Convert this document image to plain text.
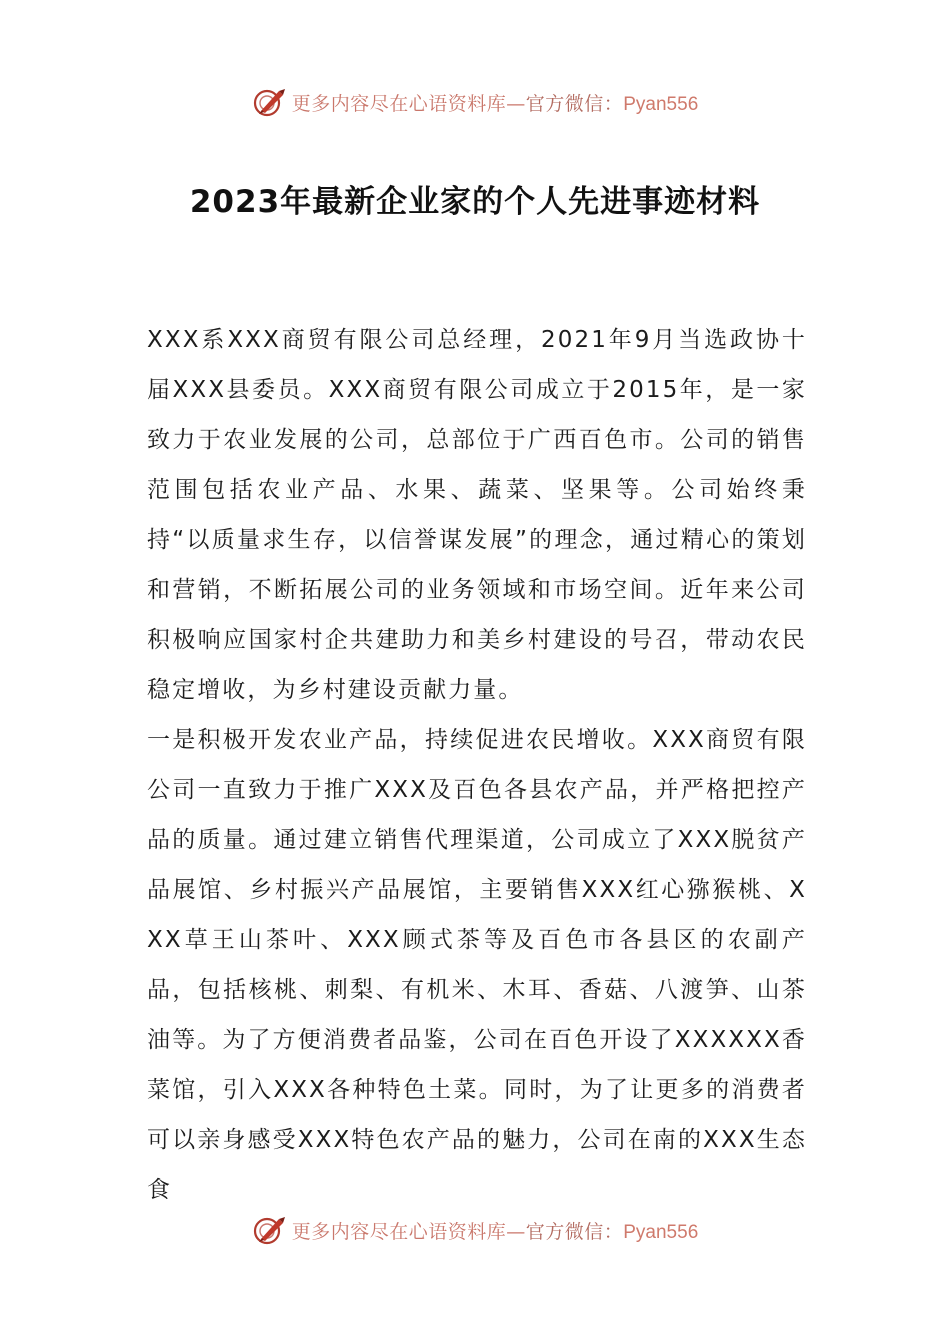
更多内容尽在心语资料库—官方微信：Pyan556
2023年最新企业家的个人先进事迹材料

XXX系XXX商贸有限公司总经理，2021年9月当选政协十届XXX县委员。XXX商贸有限公司成立于2015年，是一家致力于农业发展的公司，总部位于广西百色市。公司的销售范围包括农业产品、水果、蔬菜、坚果等。公司始终秉持“以质量求生存，以信誉谋发展”的理念，通过精心的策划和营销，不断拓展公司的业务领域和市场空间。近年来公司积极响应国家村企共建助力和美乡村建设的号召，带动农民稳定增收，为乡村建设贡献力量。

一是积极开发农业产品，持续促进农民增收。XXX商贸有限公司一直致力于推广XXX及百色各县农产品，并严格把控产品的质量。通过建立销售代理渠道，公司成立了XXX脱贫产品展馆、乡村振兴产品展馆，主要销售XXX红心猕猴桃、XXX草王山茶叶、XXX顾式茶等及百色市各县区的农副产品，包括核桃、刺梨、有机米、木耳、香菇、八渡笋、山茶油等。为了方便消费者品鉴，公司在百色开设了XXXXXX香菜馆，引入XXX各种特色土菜。同时，为了让更多的消费者可以亲身感受XXX特色农产品的魅力，公司在南的XXX生态食

更多内容尽在心语资料库—官方微信：Pyan556
